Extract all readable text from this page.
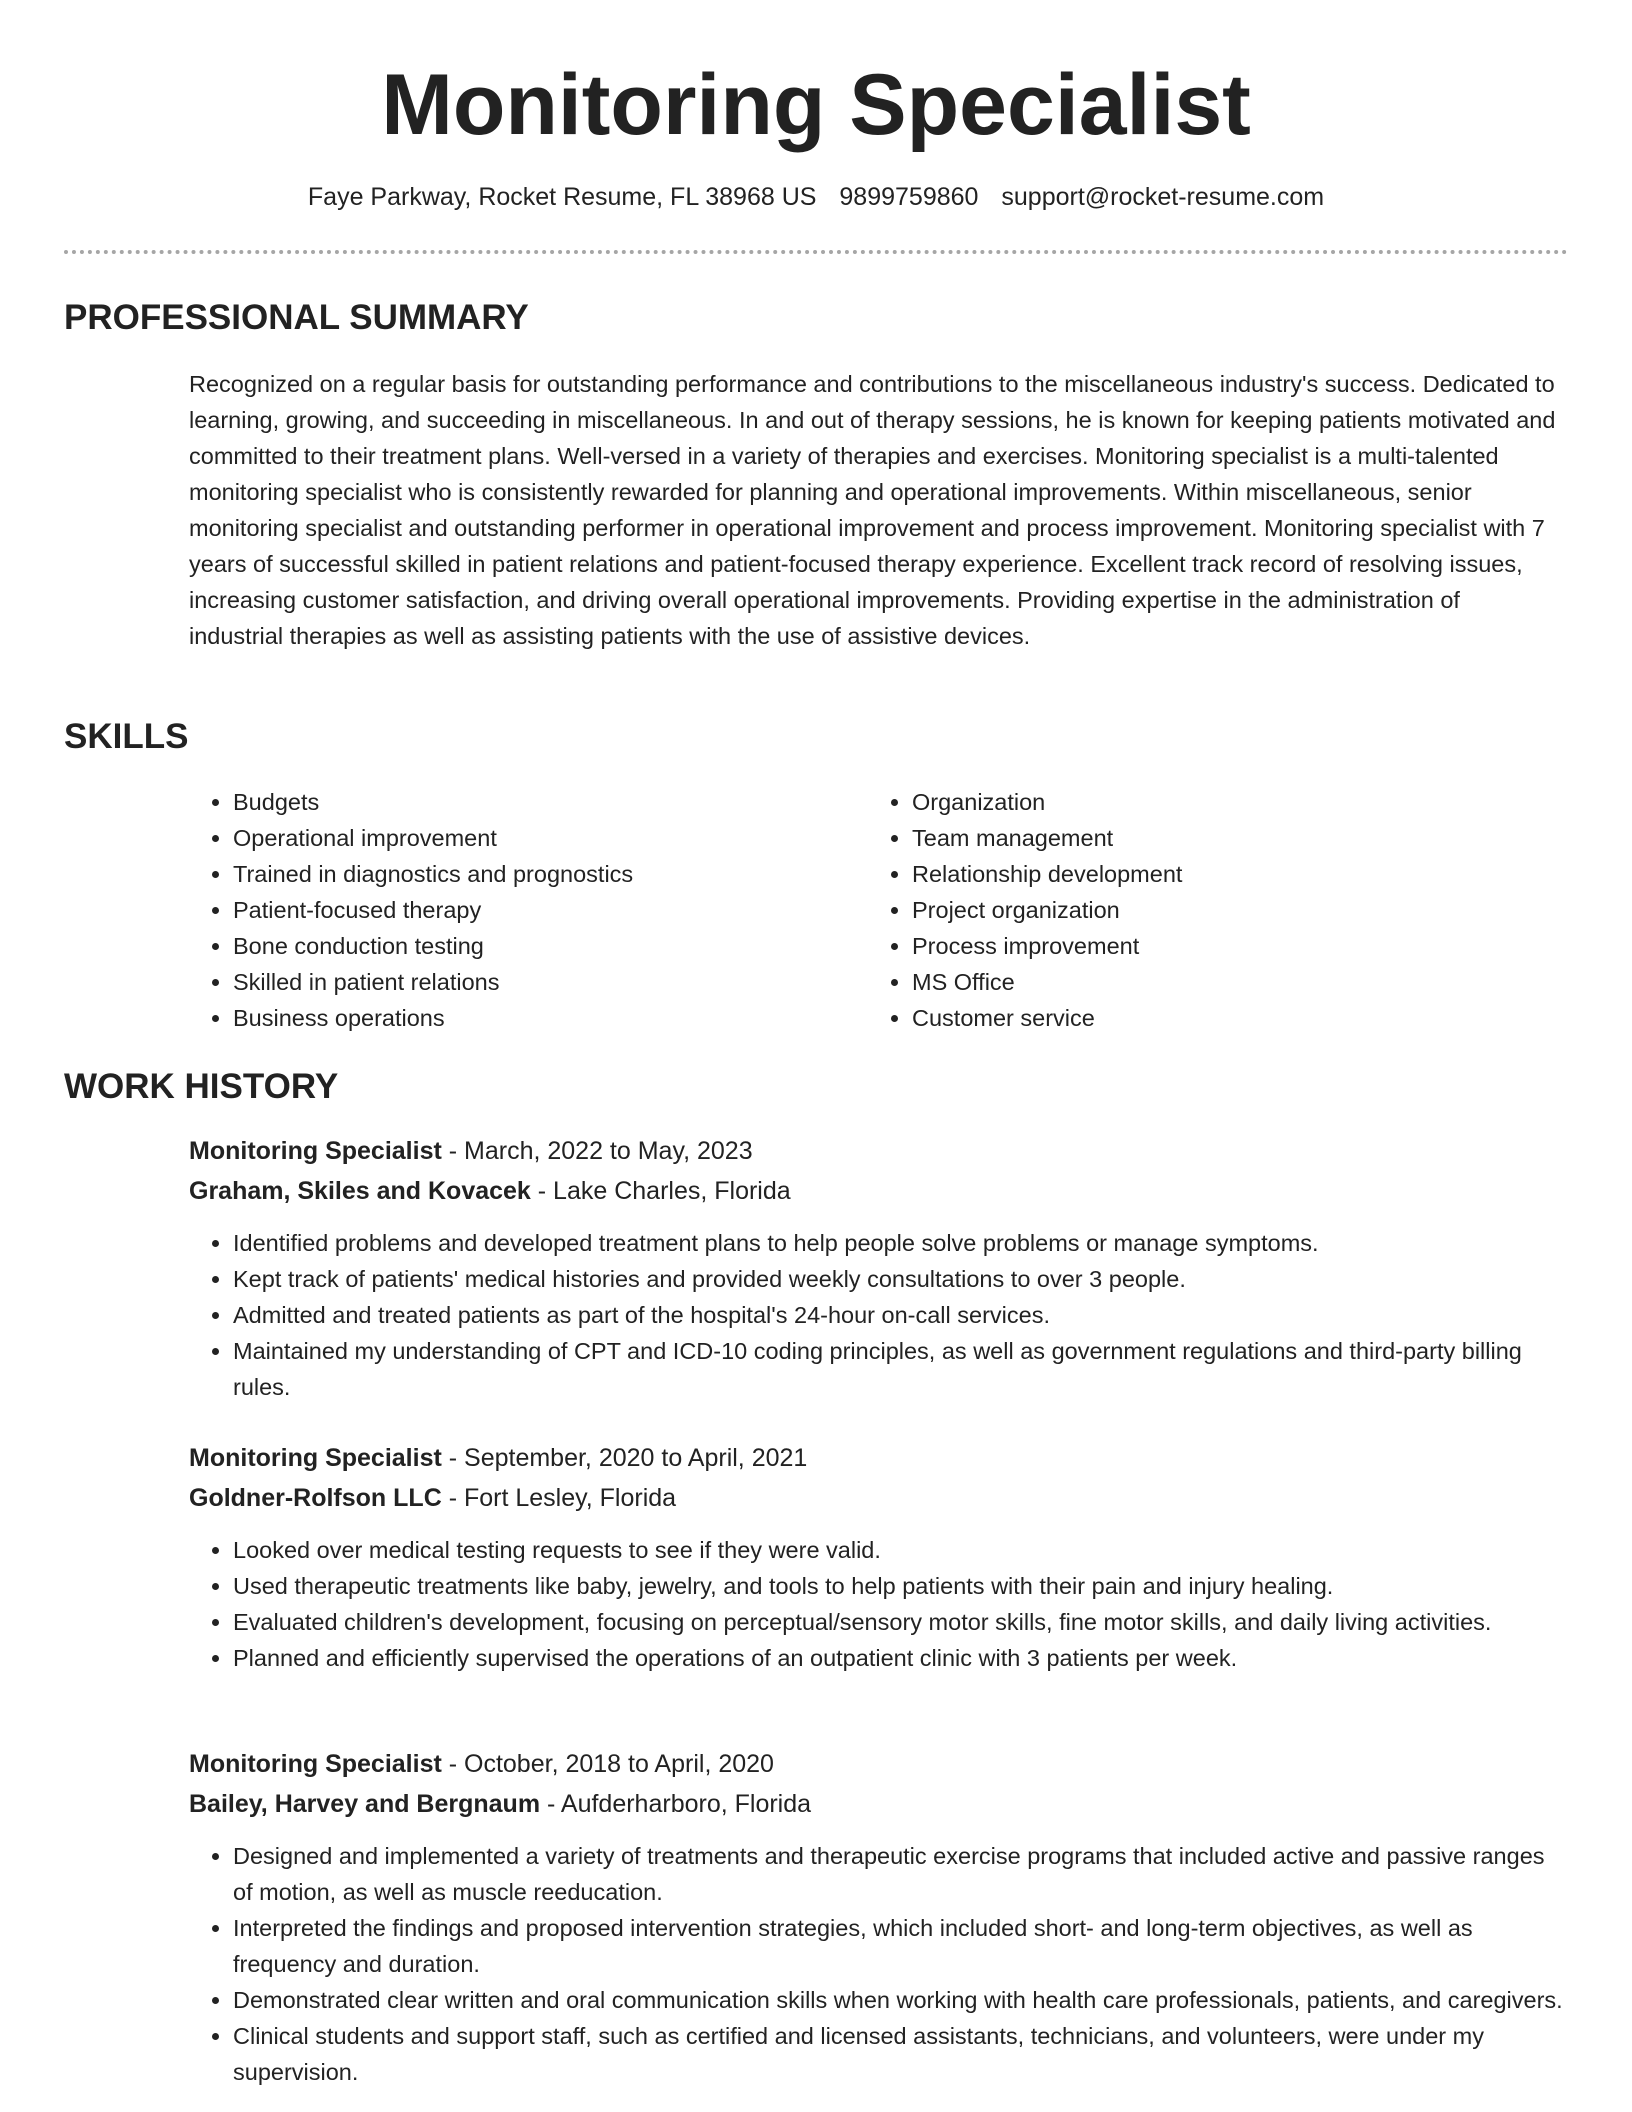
Monitoring Specialist
Faye Parkway, Rocket Resume, FL 38968 US 9899759860 support@rocket-resume.com
PROFESSIONAL SUMMARY

Recognized on a regular basis for outstanding performance and contributions to the miscellaneous industry's success. Dedicated to learning, growing, and succeeding in miscellaneous. In and out of therapy sessions, he is known for keeping patients motivated and committed to their treatment plans. Well-versed in a variety of therapies and exercises. Monitoring specialist is a multi-talented monitoring specialist who is consistently rewarded for planning and operational improvements. Within miscellaneous, senior monitoring specialist and outstanding performer in operational improvement and process improvement. Monitoring specialist with 7 years of successful skilled in patient relations and patient-focused therapy experience. Excellent track record of resolving issues, increasing customer satisfaction, and driving overall operational improvements. Providing expertise in the administration of industrial therapies as well as assisting patients with the use of assistive devices.

SKILLS
• Budgets
• Operational improvement
• Trained in diagnostics and prognostics
• Patient-focused therapy
• Bone conduction testing
• Skilled in patient relations
• Business operations
• Organization
• Team management
• Relationship development
• Project organization
• Process improvement
• MS Office
• Customer service
WORK HISTORY

Monitoring Specialist - March, 2022 to May, 2023

Graham, Skiles and Kovacek - Lake Charles, Florida

• Identified problems and developed treatment plans to help people solve problems or manage symptoms.
• Kept track of patients' medical histories and provided weekly consultations to over 3 people.
• Admitted and treated patients as part of the hospital's 24-hour on-call services.
• Maintained my understanding of CPT and ICD-10 coding principles, as well as government regulations and third-party billing rules.

Monitoring Specialist - September, 2020 to April, 2021

Goldner-Rolfson LLC - Fort Lesley, Florida

• Looked over medical testing requests to see if they were valid.
• Used therapeutic treatments like baby, jewelry, and tools to help patients with their pain and injury healing.
• Evaluated children's development, focusing on perceptual/sensory motor skills, fine motor skills, and daily living activities.
• Planned and efficiently supervised the operations of an outpatient clinic with 3 patients per week.

Monitoring Specialist - October, 2018 to April, 2020

Bailey, Harvey and Bergnaum - Aufderharboro, Florida

• Designed and implemented a variety of treatments and therapeutic exercise programs that included active and passive ranges of motion, as well as muscle reeducation.
• Interpreted the findings and proposed intervention strategies, which included short- and long-term objectives, as well as frequency and duration.
• Demonstrated clear written and oral communication skills when working with health care professionals, patients, and caregivers.
• Clinical students and support staff, such as certified and licensed assistants, technicians, and volunteers, were under my supervision.
